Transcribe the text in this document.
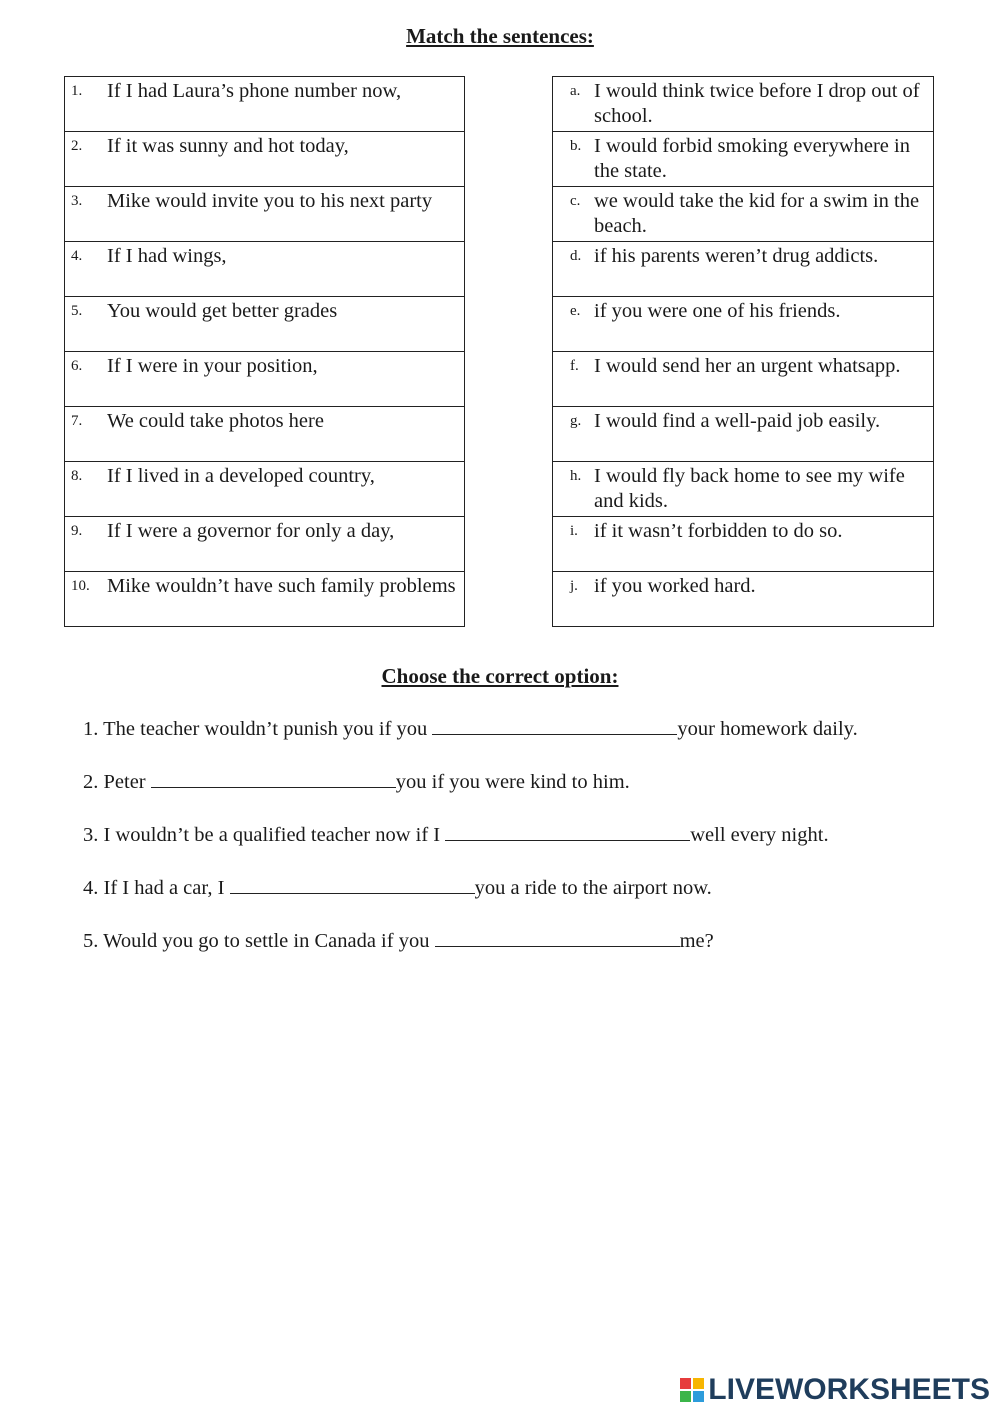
Match the sentences:
1.	If I had Laura’s phone number now,

2.	If it was sunny and hot today,

3.	Mike would invite you to his next party

4.	If I had wings,

5.	You would get better grades

6.	If I were in your position,

7.	We could take photos here

8.	If I lived in a developed country,

9.	If I were a governor for only a day,

10. Mike wouldn’t have such family problems
a. I would think twice before I drop out of school.

b. I would forbid smoking everywhere in the state.

c. we would take the kid for a swim in the beach.

d. if his parents weren’t drug addicts.

e. if you were one of his friends.

f. I would send her an urgent whatsapp.

g. I would find a well-paid job easily.

h. I would fly back home to see my wife and kids.

i. if it wasn’t forbidden to do so.

j. if you worked hard.
Choose the correct option:
1. The teacher wouldn’t punish you if you	your homework daily.
2. Peter	you if you were kind to him.
3. I wouldn’t be a qualified teacher now if I	well every night.
4. If I had a car, I	you a ride to the airport now.
5. Would you go to settle in Canada if you	me?
LIVEWORKSHEETS
